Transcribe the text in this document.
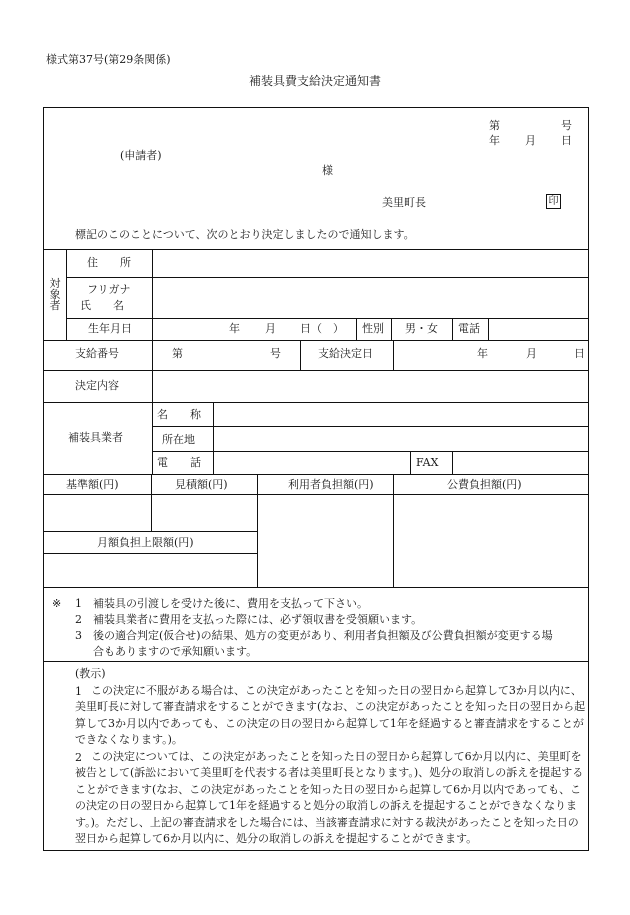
様式第37号(第29条関係)
補装具費支給決定通知書
第	号
年 月 日
(申請者)
様
美里町長	印
標記のこのことについて、次のとおり決定しましたので通知します。
対象者
住　　所
フリガナ
氏　　名
生年月日	年 月 日（　） 性別 男・女 電話
支給番号	第	号	支給決定日	年	月	日
決定内容
補装具業者
名　　称
所在地
電　　話	FAX
基準額(円)	見積額(円)	利用者負担額(円)	公費負担額(円)
月額負担上限額(円)
※ 1 補装具の引渡しを受けた後に、費用を支払って下さい。
2 補装具業者に費用を支払った際には、必ず領収書を受領願います。
3 後の適合判定(仮合せ)の結果、処方の変更があり、利用者負担額及び公費負担額が変更する場
合もありますので承知願います。
(教示)
1 この決定に不服がある場合は、この決定があったことを知った日の翌日から起算して3か月以内に、美里町長に対して審査請求をすることができます(なお、この決定があったことを知った日の翌日から起算して3か月以内であっても、この決定の日の翌日から起算して1年を経過すると審査請求をすることができなくなります。)。
2 この決定については、この決定があったことを知った日の翌日から起算して6か月以内に、美里町を被告として(訴訟において美里町を代表する者は美里町長となります。)、処分の取消しの訴えを提起することができます(なお、この決定があったことを知った日の翌日から起算して6か月以内であっても、この決定の日の翌日から起算して1年を経過すると処分の取消しの訴えを提起することができなくなります。)。ただし、上記の審査請求をした場合には、当該審査請求に対する裁決があったことを知った日の翌日から起算して6か月以内に、処分の取消しの訴えを提起することができます。
